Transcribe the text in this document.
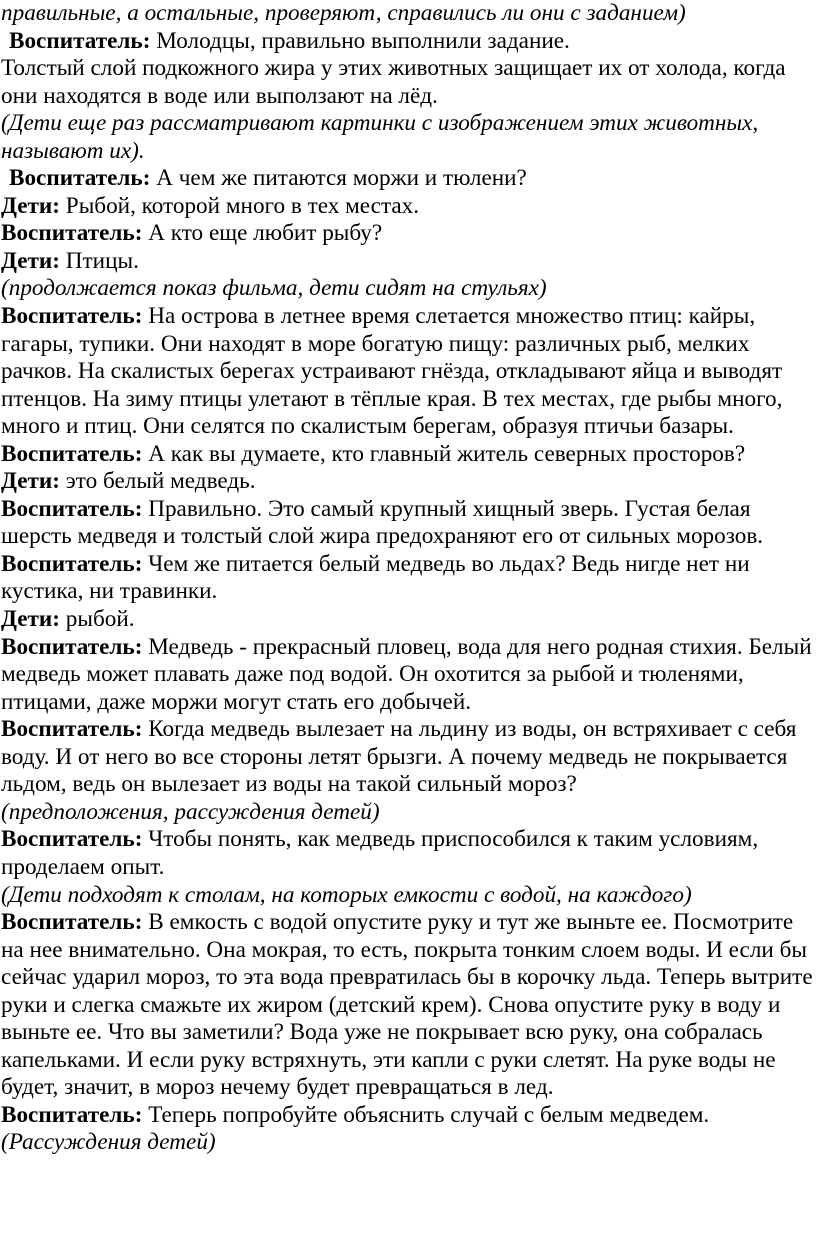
правильные, а остальные, проверяют, справились ли они с заданием)

Воспитатель: Молодцы, правильно выполнили задание.

Толстый слой подкожного жира у этих животных защищает их от холода, когда они находятся в воде или выползают на лёд.

(Дети еще раз рассматривают картинки с изображением этих животных, называют их).

Воспитатель: А чем же питаются моржи и тюлени?

Дети: Рыбой, которой много в тех местах.

Воспитатель: А кто еще любит рыбу?

Дети: Птицы.

(продолжается показ фильма, дети сидят на стульях)

Воспитатель: На острова в летнее время слетается множество птиц: кайры, гагары, тупики. Они находят в море богатую пищу: различных рыб, мелких рачков. На скалистых берегах устраивают гнёзда, откладывают яйца и выводят птенцов. На зиму птицы улетают в тёплые края. В тех местах, где рыбы много, много и птиц. Они селятся по скалистым берегам, образуя птичьи базары.

Воспитатель: А как вы думаете, кто главный житель северных просторов?

Дети: это белый медведь.

Воспитатель: Правильно. Это самый крупный хищный зверь. Густая белая шерсть медведя и толстый слой жира предохраняют его от сильных морозов.

Воспитатель: Чем же питается белый медведь во льдах? Ведь нигде нет ни кустика, ни травинки.

Дети: рыбой.

Воспитатель: Медведь - прекрасный пловец, вода для него родная стихия. Белый медведь может плавать даже под водой. Он охотится за рыбой и тюленями, птицами, даже моржи могут стать его добычей.

Воспитатель: Когда медведь вылезает на льдину из воды, он встряхивает с себя воду. И от него во все стороны летят брызги. А почему медведь не покрывается льдом, ведь он вылезает из воды на такой сильный мороз?

(предположения, рассуждения детей)

Воспитатель: Чтобы понять, как медведь приспособился к таким условиям, проделаем опыт.

(Дети подходят к столам, на которых емкости с водой, на каждого)

Воспитатель: В емкость с водой опустите руку и тут же выньте ее. Посмотрите на нее внимательно. Она мокрая, то есть, покрыта тонким слоем воды. И если бы сейчас ударил мороз, то эта вода превратилась бы в корочку льда. Теперь вытрите руки и слегка смажьте их жиром (детский крем). Снова опустите руку в воду и выньте ее. Что вы заметили? Вода уже не покрывает всю руку, она собралась капельками. И если руку встряхнуть, эти капли с руки слетят. На руке воды не будет, значит, в мороз нечему будет превращаться в лед.

Воспитатель: Теперь попробуйте объяснить случай с белым медведем.

(Рассуждения детей)
